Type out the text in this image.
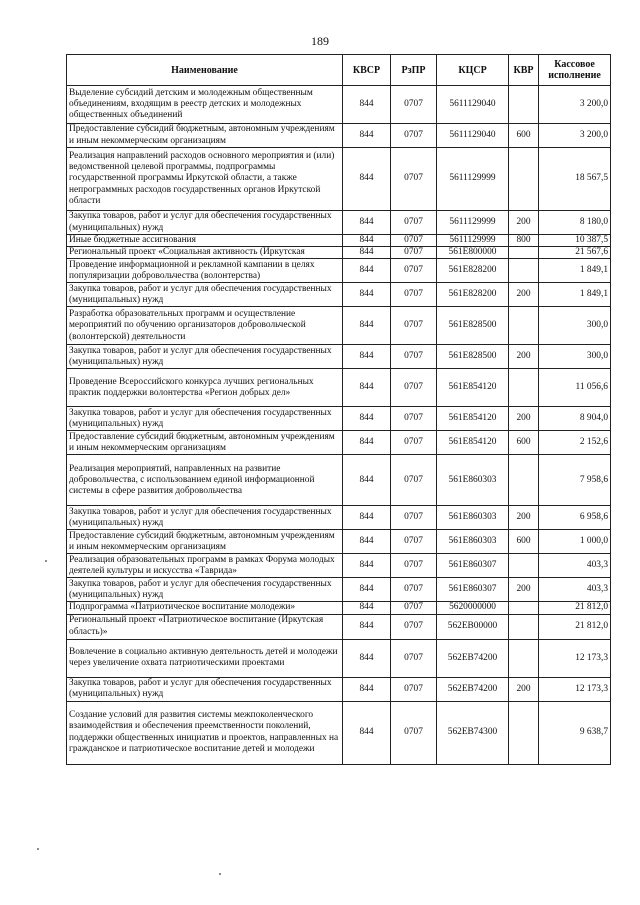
189
Наименование	КВСР	РзПР	КЦСР	КВР	Кассовое исполнение
Выделение субсидий детским и молодежным общественным объединениям, входящим в реестр детских и молодежных общественных объединений	844	0707	5611129040		3 200,0
Предоставление субсидий бюджетным, автономным учреждениям и иным некоммерческим организациям	844	0707	5611129040	600	3 200,0
Реализация направлений расходов основного мероприятия и (или) ведомственной целевой программы, подпрограммы государственной программы Иркутской области, а также непрограммных расходов государственных органов Иркутской области	844	0707	5611129999		18 567,5
Закупка товаров, работ и услуг для обеспечения государственных (муниципальных) нужд	844	0707	5611129999	200	8 180,0
Иные бюджетные ассигнования	844	0707	5611129999	800	10 387,5
Региональный проект «Социальная активность (Иркутская	844	0707	561E800000		21 567,6
Проведение информационной и рекламной кампании в целях популяризации добровольчества (волонтерства)	844	0707	561E828200		1 849,1
Закупка товаров, работ и услуг для обеспечения государственных (муниципальных) нужд	844	0707	561E828200	200	1 849,1
Разработка образовательных программ и осуществление мероприятий по обучению организаторов добровольческой (волонтерской) деятельности	844	0707	561E828500		300,0
Закупка товаров, работ и услуг для обеспечения государственных (муниципальных) нужд	844	0707	561E828500	200	300,0
Проведение Всероссийского конкурса лучших региональных практик поддержки волонтерства «Регион добрых дел»	844	0707	561E854120		11 056,6
Закупка товаров, работ и услуг для обеспечения государственных (муниципальных) нужд	844	0707	561E854120	200	8 904,0
Предоставление субсидий бюджетным, автономным учреждениям и иным некоммерческим организациям	844	0707	561E854120	600	2 152,6
Реализация мероприятий, направленных на развитие добровольчества, с использованием единой информационной системы в сфере развития добровольчества	844	0707	561E860303		7 958,6
Закупка товаров, работ и услуг для обеспечения государственных (муниципальных) нужд	844	0707	561E860303	200	6 958,6
Предоставление субсидий бюджетным, автономным учреждениям и иным некоммерческим организациям	844	0707	561E860303	600	1 000,0
Реализация образовательных программ в рамках Форума молодых деятелей культуры и искусства «Таврида»	844	0707	561E860307		403,3
Закупка товаров, работ и услуг для обеспечения государственных (муниципальных) нужд	844	0707	561E860307	200	403,3
Подпрограмма «Патриотическое воспитание молодежи»	844	0707	5620000000		21 812,0
Региональный проект «Патриотическое воспитание (Иркутская область)»	844	0707	562EB00000		21 812,0
Вовлечение в социально активную деятельность детей и молодежи через увеличение охвата патриотическими проектами	844	0707	562EB74200		12 173,3
Закупка товаров, работ и услуг для обеспечения государственных (муниципальных) нужд	844	0707	562EB74200	200	12 173,3
Создание условий для развития системы межпоколенческого взаимодействия и обеспечения преемственности поколений, поддержки общественных инициатив и проектов, направленных на гражданское и патриотическое воспитание детей и молодежи	844	0707	562EB74300		9 638,7
